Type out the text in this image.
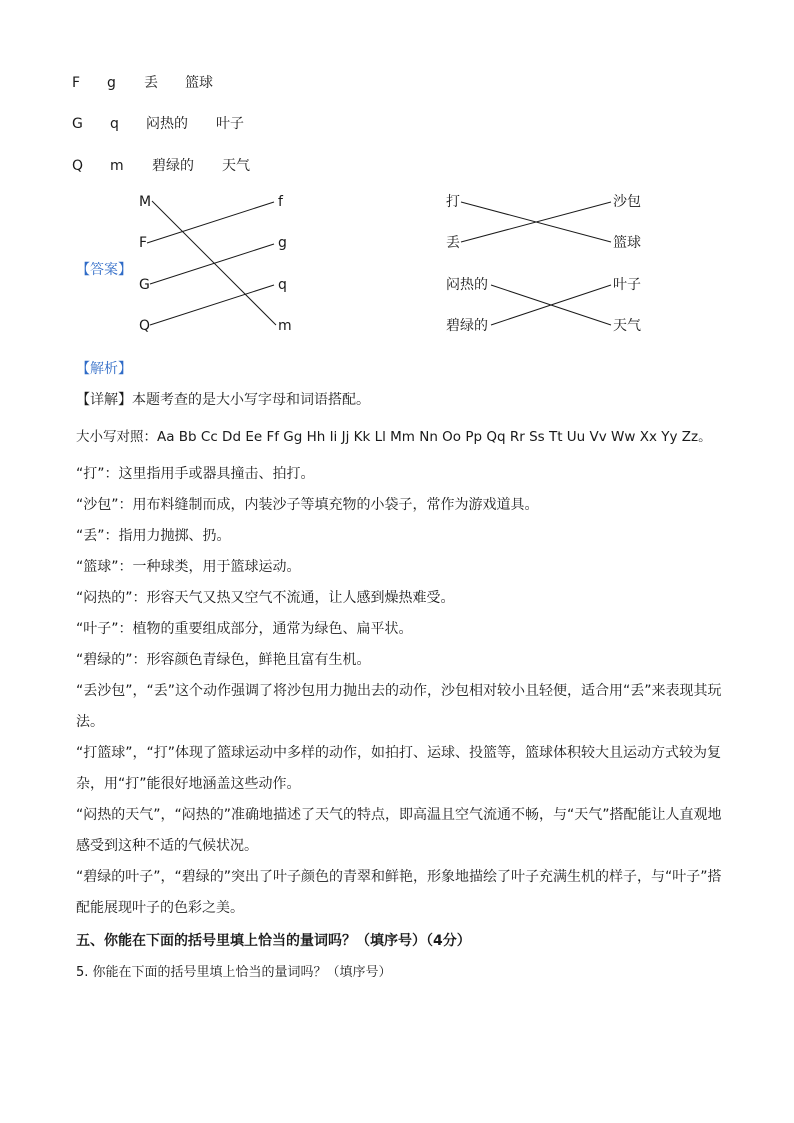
F g 丢 篮球
G q 闷热的 叶子
Q m 碧绿的 天气
【答案】
M
F
G
Q
f
g
q
m
打
丢
闷热的
碧绿的
沙包
篮球
叶子
天气
【解析】
【详解】本题考查的是大小写字母和词语搭配。
大小写对照：Aa Bb Cc Dd Ee Ff Gg Hh Ii Jj Kk Ll Mm Nn Oo Pp Qq Rr Ss Tt Uu Vv Ww Xx Yy Zz。
“打”：这里指用手或器具撞击、拍打。
“沙包”：用布料缝制而成，内装沙子等填充物的小袋子，常作为游戏道具。
“丢”：指用力抛掷、扔。
“篮球”：一种球类，用于篮球运动。
“闷热的”：形容天气又热又空气不流通，让人感到燥热难受。
“叶子”：植物的重要组成部分，通常为绿色、扁平状。
“碧绿的”：形容颜色青绿色，鲜艳且富有生机。
“丢沙包”，“丢”这个动作强调了将沙包用力抛出去的动作，沙包相对较小且轻便，适合用“丢”来表现其玩法。
“打篮球”，“打”体现了篮球运动中多样的动作，如拍打、运球、投篮等，篮球体积较大且运动方式较为复杂，用“打”能很好地涵盖这些动作。
“闷热的天气”，“闷热的”准确地描述了天气的特点，即高温且空气流通不畅，与“天气”搭配能让人直观地感受到这种不适的气候状况。
“碧绿的叶子”，“碧绿的”突出了叶子颜色的青翠和鲜艳，形象地描绘了叶子充满生机的样子，与“叶子”搭配能展现叶子的色彩之美。
五、你能在下面的括号里填上恰当的量词吗？（填序号）（4分）
5. 你能在下面的括号里填上恰当的量词吗？（填序号）
